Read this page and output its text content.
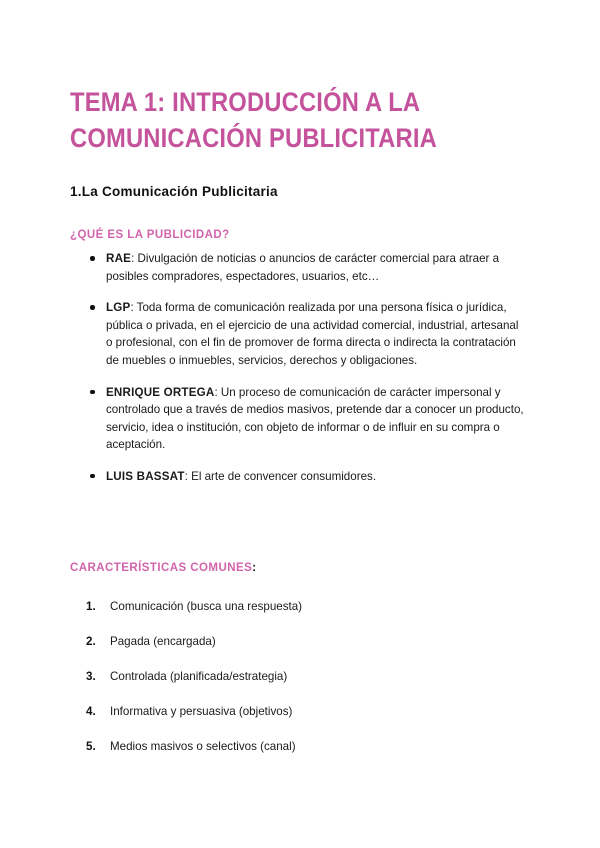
TEMA 1: INTRODUCCIÓN A LA COMUNICACIÓN PUBLICITARIA
1.La Comunicación Publicitaria
¿QUÉ ES LA PUBLICIDAD?
RAE: Divulgación de noticias o anuncios de carácter comercial para atraer a posibles compradores, espectadores, usuarios, etc…
LGP: Toda forma de comunicación realizada por una persona física o jurídica, pública o privada, en el ejercicio de una actividad comercial, industrial, artesanal o profesional, con el fin de promover de forma directa o indirecta la contratación de muebles o inmuebles, servicios, derechos y obligaciones.
ENRIQUE ORTEGA: Un proceso de comunicación de carácter impersonal y controlado que a través de medios masivos, pretende dar a conocer un producto, servicio, idea o institución, con objeto de informar o de influir en su compra o aceptación.
LUIS BASSAT: El arte de convencer consumidores.
CARACTERÍSTICAS COMUNES:
1. Comunicación (busca una respuesta)
2. Pagada (encargada)
3. Controlada (planificada/estrategia)
4. Informativa y persuasiva (objetivos)
5. Medios masivos o selectivos (canal)
